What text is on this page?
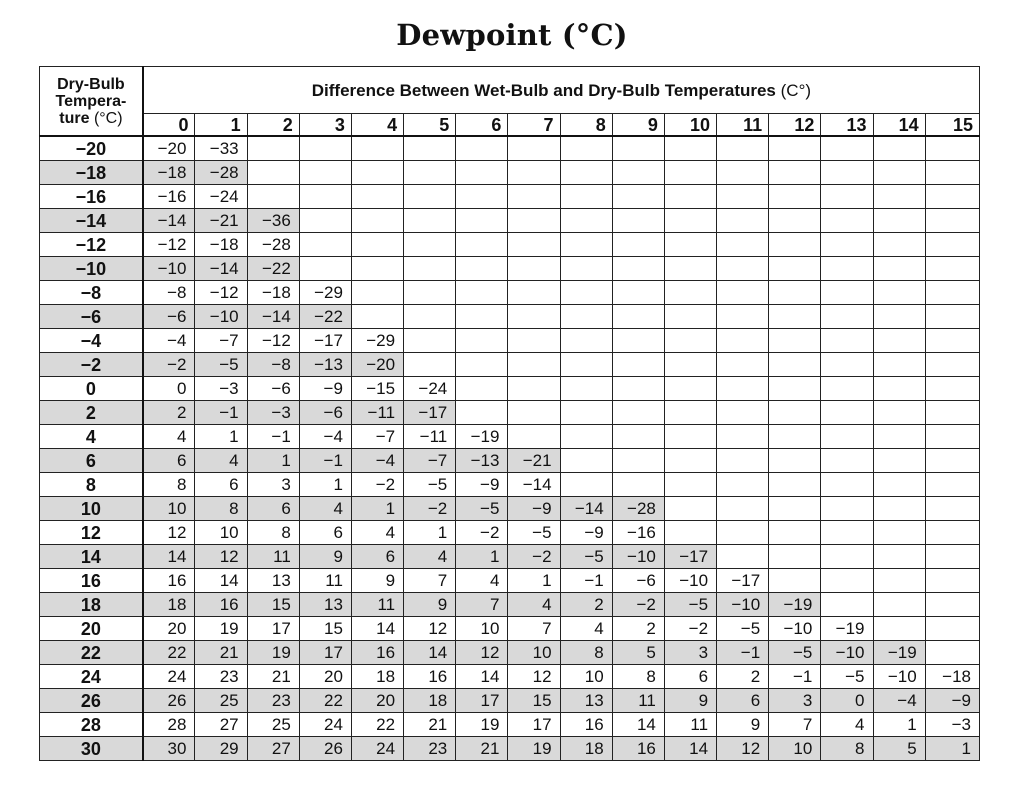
Dewpoint (°C)
Dry-Bulb
Tempera-
ture (°C)	Difference Between Wet-Bulb and Dry-Bulb Temperatures (C°)															
	0	1	2	3	4	5	6	7	8	9	10	11	12	13	14	15
−20	−20	−33														
−18	−18	−28														
−16	−16	−24														
−14	−14	−21	−36													
−12	−12	−18	−28													
−10	−10	−14	−22													
−8	−8	−12	−18	−29												
−6	−6	−10	−14	−22												
−4	−4	−7	−12	−17	−29											
−2	−2	−5	−8	−13	−20											
0	0	−3	−6	−9	−15	−24										
2	2	−1	−3	−6	−11	−17										
4	4	1	−1	−4	−7	−11	−19									
6	6	4	1	−1	−4	−7	−13	−21								
8	8	6	3	1	−2	−5	−9	−14								
10	10	8	6	4	1	−2	−5	−9	−14	−28						
12	12	10	8	6	4	1	−2	−5	−9	−16						
14	14	12	11	9	6	4	1	−2	−5	−10	−17					
16	16	14	13	11	9	7	4	1	−1	−6	−10	−17				
18	18	16	15	13	11	9	7	4	2	−2	−5	−10	−19			
20	20	19	17	15	14	12	10	7	4	2	−2	−5	−10	−19		
22	22	21	19	17	16	14	12	10	8	5	3	−1	−5	−10	−19	
24	24	23	21	20	18	16	14	12	10	8	6	2	−1	−5	−10	−18
26	26	25	23	22	20	18	17	15	13	11	9	6	3	0	−4	−9
28	28	27	25	24	22	21	19	17	16	14	11	9	7	4	1	−3
30	30	29	27	26	24	23	21	19	18	16	14	12	10	8	5	1
